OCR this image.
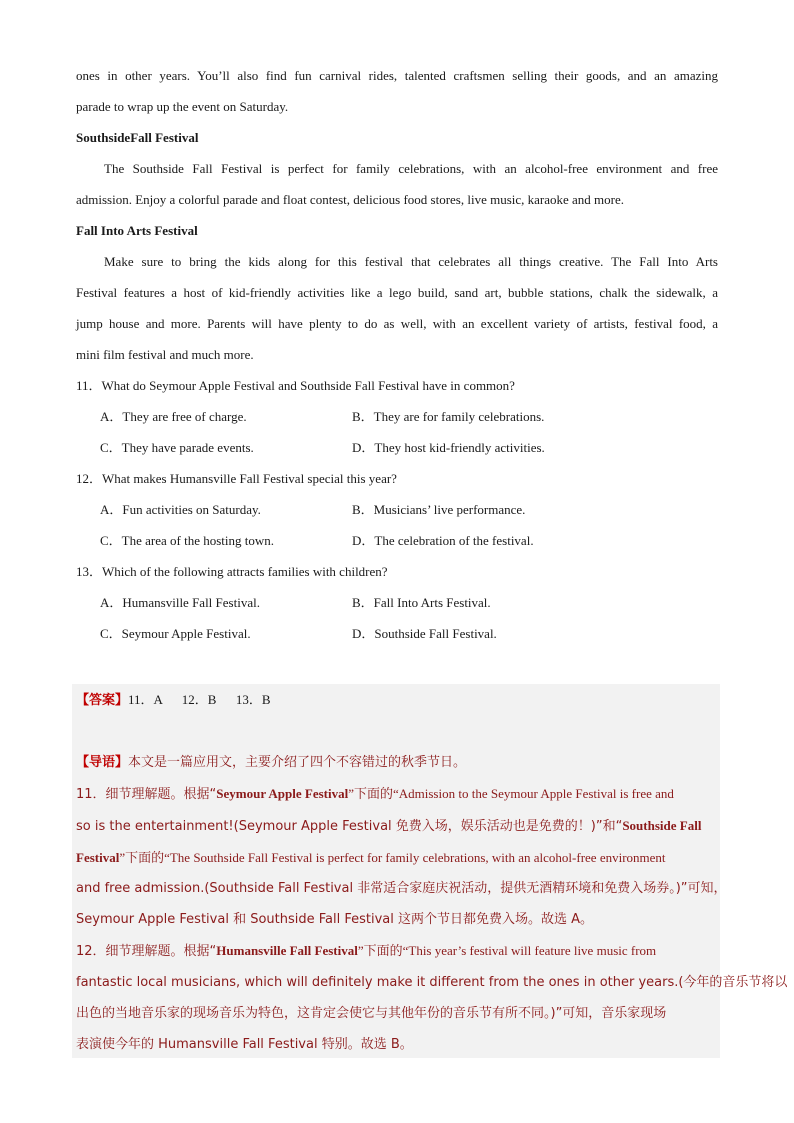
ones in other years. You’ll also find fun carnival rides, talented craftsmen selling their goods, and an amazing

parade to wrap up the event on Saturday.

SouthsideFall Festival

The Southside Fall Festival is perfect for family celebrations, with an alcohol-free environment and free

admission. Enjoy a colorful parade and float contest, delicious food stores, live music, karaoke and more.

Fall Into Arts Festival

Make sure to bring the kids along for this festival that celebrates all things creative. The Fall Into Arts

Festival features a host of kid-friendly activities like a lego build, sand art, bubble stations, chalk the sidewalk, a

jump house and more. Parents will have plenty to do as well, with an excellent variety of artists, festival food, a

mini film festival and much more.

11．What do Seymour Apple Festival and Southside Fall Festival have in common?

A．They are free of charge.	B．They are for family celebrations.
C．They have parade events.	D．They host kid-friendly activities.

12．What makes Humansville Fall Festival special this year?

A．Fun activities on Saturday.	B．Musicians’ live performance.
C．The area of the hosting town.	D．The celebration of the festival.

13．Which of the following attracts families with children?

A．Humansville Fall Festival.	B．Fall Into Arts Festival.
C．Seymour Apple Festival.	D．Southside Fall Festival.

【答案】11．A      12．B      13．B

【导语】本文是一篇应用文，主要介绍了四个不容错过的秋季节日。

11．细节理解题。根据“Seymour Apple Festival”下面的“Admission to the Seymour Apple Festival is free and

so is the entertainment!(Seymour Apple Festival 免费入场，娱乐活动也是免费的！)”和“Southside Fall

Festival”下面的“The Southside Fall Festival is perfect for family celebrations, with an alcohol-free environment

and free admission.(Southside Fall Festival 非常适合家庭庆祝活动，提供无酒精环境和免费入场券。)”可知，

Seymour Apple Festival 和 Southside Fall Festival 这两个节日都免费入场。故选 A。

12．细节理解题。根据“Humansville Fall Festival”下面的“This year’s festival will feature live music from

fantastic local musicians, which will definitely make it different from the ones in other years.(今年的音乐节将以

出色的当地音乐家的现场音乐为特色，这肯定会使它与其他年份的音乐节有所不同。)”可知，音乐家现场

表演使今年的 Humansville Fall Festival 特别。故选 B。
